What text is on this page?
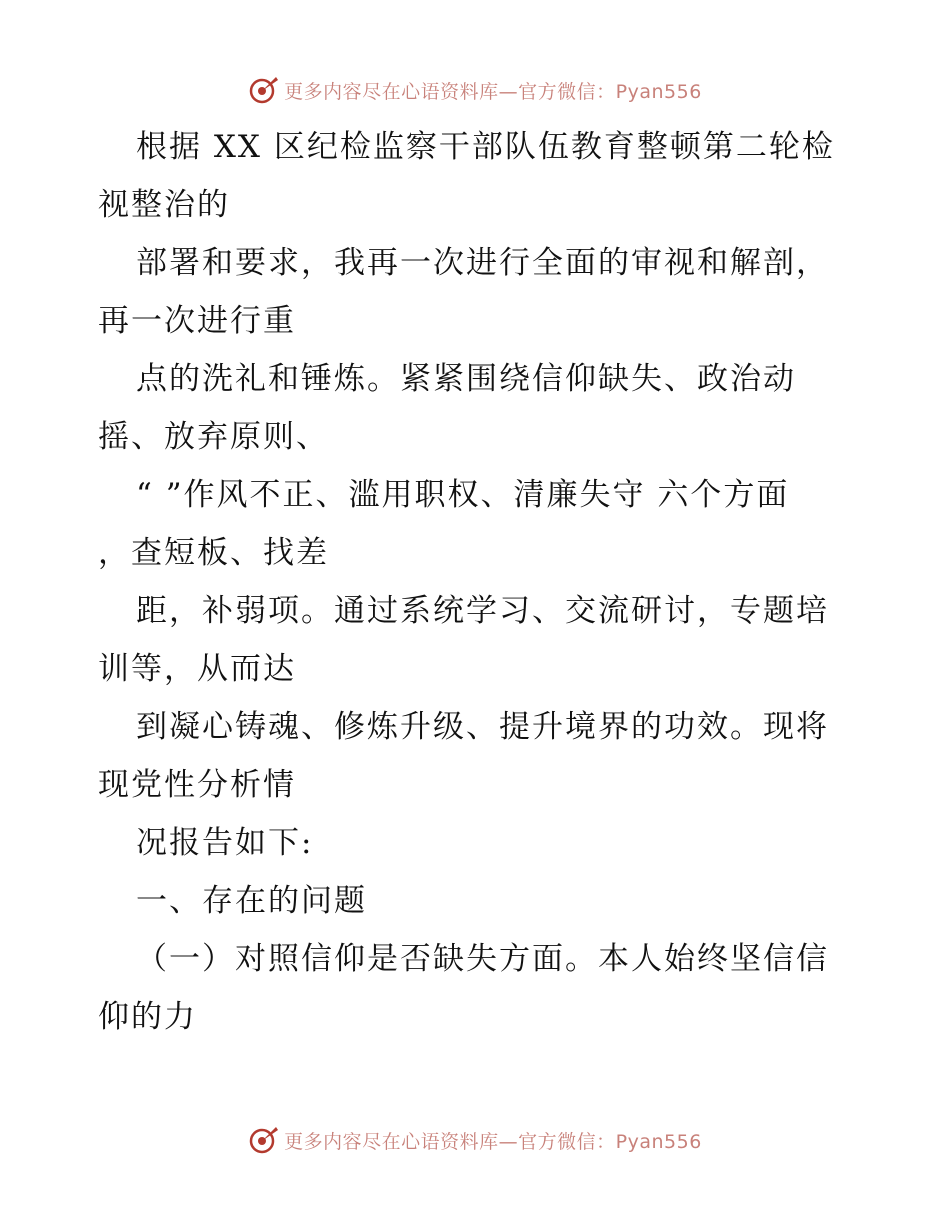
更多内容尽在心语资料库—官方微信：Pyan556
根据 XX 区纪检监察干部队伍教育整顿第二轮检
视整治的
部署和要求，我再一次进行全面的审视和解剖，
再一次进行重
点的洗礼和锤炼。紧紧围绕信仰缺失、政治动
摇、放弃原则、
“ ”作风不正、滥用职权、清廉失守 六个方面
，查短板、找差
距，补弱项。通过系统学习、交流研讨，专题培
训等，从而达
到凝心铸魂、修炼升级、提升境界的功效。现将
现党性分析情
况报告如下:
一、存在的问题
（一）对照信仰是否缺失方面。本人始终坚信信
仰的力
更多内容尽在心语资料库—官方微信：Pyan556
